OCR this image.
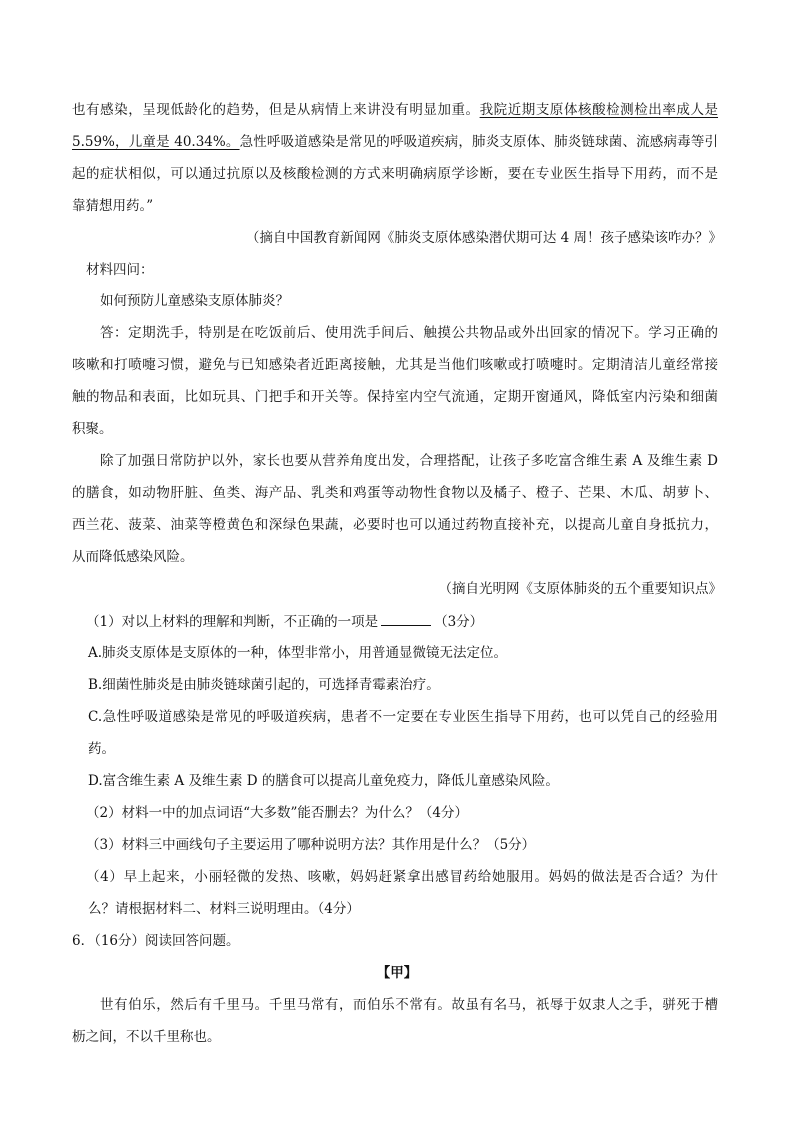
也有感染，呈现低龄化的趋势，但是从病情上来讲没有明显加重。我院近期支原体核酸检测检出率成人是
5.59%，儿童是 40.34%。急性呼吸道感染是常见的呼吸道疾病，肺炎支原体、肺炎链球菌、流感病毒等引
起的症状相似，可以通过抗原以及核酸检测的方式来明确病原学诊断，要在专业医生指导下用药，而不是
靠猜想用药。”
（摘自中国教育新闻网《肺炎支原体感染潜伏期可达 4 周！孩子感染该咋办？》
材料四问：
如何预防儿童感染支原体肺炎？
答：定期洗手，特别是在吃饭前后、使用洗手间后、触摸公共物品或外出回家的情况下。学习正确的
咳嗽和打喷嚏习惯，避免与已知感染者近距离接触，尤其是当他们咳嗽或打喷嚏时。定期清洁儿童经常接
触的物品和表面，比如玩具、门把手和开关等。保持室内空气流通，定期开窗通风，降低室内污染和细菌
积聚。
除了加强日常防护以外，家长也要从营养角度出发，合理搭配，让孩子多吃富含维生素 A 及维生素 D
的膳食，如动物肝脏、鱼类、海产品、乳类和鸡蛋等动物性食物以及橘子、橙子、芒果、木瓜、胡萝卜、
西兰花、菠菜、油菜等橙黄色和深绿色果蔬，必要时也可以通过药物直接补充，以提高儿童自身抵抗力，
从而降低感染风险。
（摘自光明网《支原体肺炎的五个重要知识点》
（1）对以上材料的理解和判断，不正确的一项是	（3分）
A.肺炎支原体是支原体的一种，体型非常小，用普通显微镜无法定位。
B.细菌性肺炎是由肺炎链球菌引起的，可选择青霉素治疗。
C.急性呼吸道感染是常见的呼吸道疾病，患者不一定要在专业医生指导下用药，也可以凭自己的经验用
药。
D.富含维生素 A 及维生素 D 的膳食可以提高儿童免疫力，降低儿童感染风险。
（2）材料一中的加点词语“大多数”能否删去？为什么？（4分）
（3）材料三中画线句子主要运用了哪种说明方法？其作用是什么？（5分）
（4）早上起来，小丽轻微的发热、咳嗽，妈妈赶紧拿出感冒药给她服用。妈妈的做法是否合适？为什
么？请根据材料二、材料三说明理由。（4分）
6．（16分）阅读回答问题。
【甲】
世有伯乐，然后有千里马。千里马常有，而伯乐不常有。故虽有名马，祇辱于奴隶人之手，骈死于槽
枥之间，不以千里称也。
